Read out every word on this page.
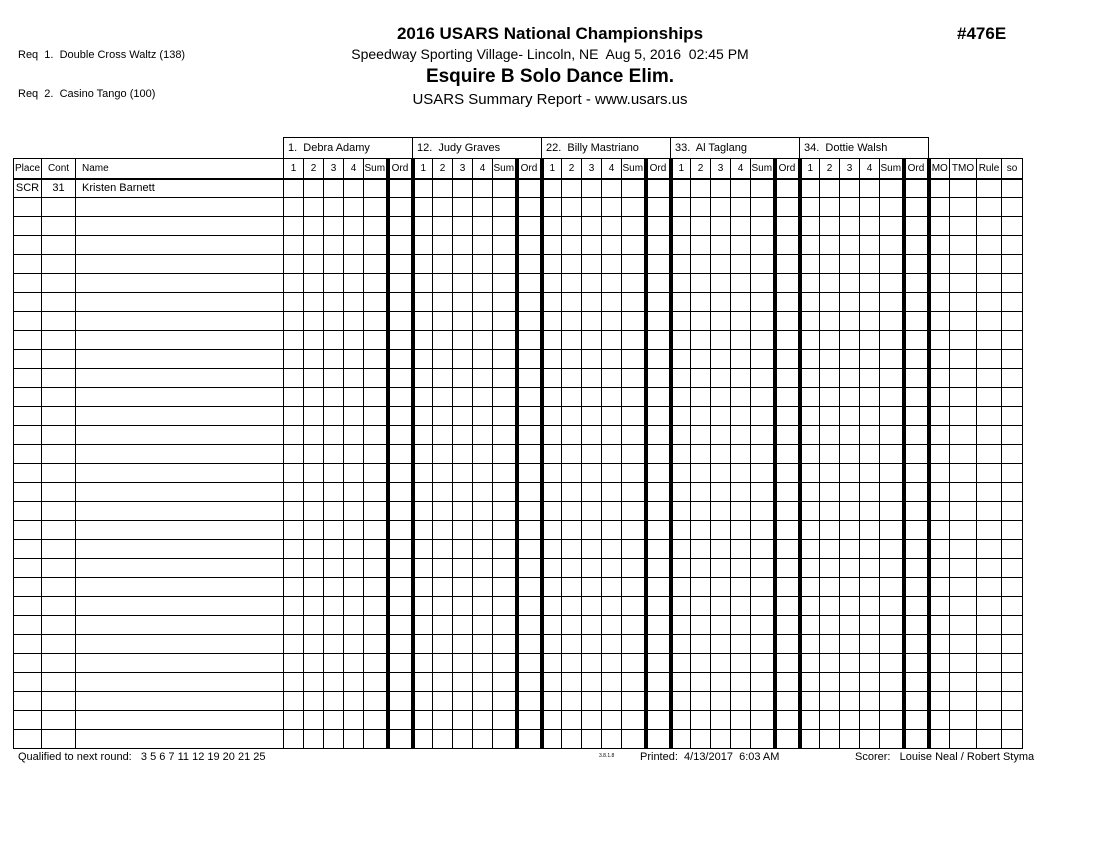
Req  1.  Double Cross Waltz (138)

Req  2.  Casino Tango (100)

2016 USARS National Championships
Speedway Sporting Village- Lincoln, NE  Aug 5, 2016  02:45 PM
Esquire B Solo Dance Elim.
USARS Summary Report - www.usars.us
#476E
			1.  Debra Adamy						12.  Judy Graves						22.  Billy Mastriano						33.  Al Taglang						34.  Dottie Walsh									
Place	Cont	Name	1	2	3	4	Sum	Ord	1	2	3	4	Sum	Ord	1	2	3	4	Sum	Ord	1	2	3	4	Sum	Ord	1	2	3	4	Sum	Ord	MO	TMO	Rule	so
SCR	31	Kristen Barnett																																		

Qualified to next round:   3 5 6 7 11 12 19 20 21 25	3.8.1.8 Printed:  4/13/2017  6:03 AM	Scorer:   Louise Neal / Robert Styma
